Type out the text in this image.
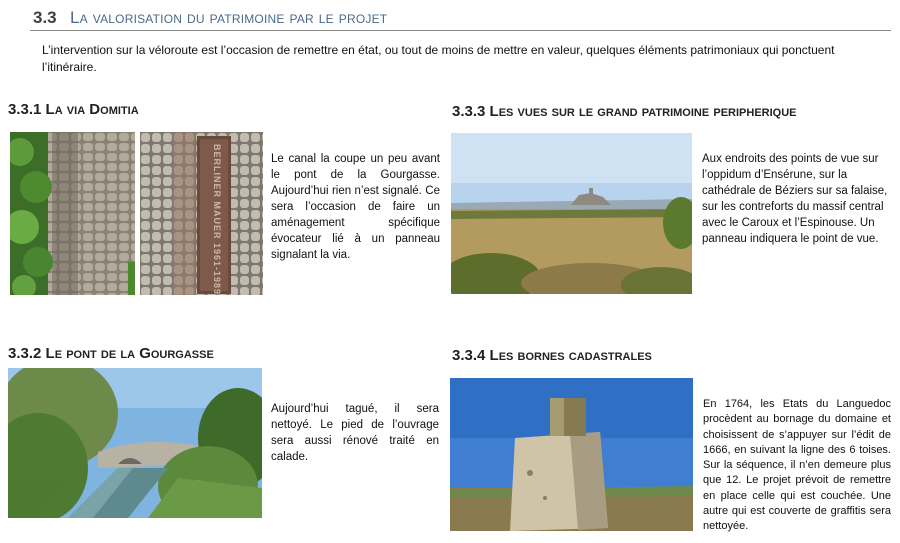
3.3 La valorisation du patrimoine par le projet
L’intervention sur la véloroute est l’occasion de remettre en état, ou tout de moins de mettre en valeur, quelques éléments patrimoniaux qui ponctuent l’itinéraire.
3.3.1 La via Domitia
BERLINER MAUER 1961-1989	Le canal la coupe un peu avant le pont de la Gourgasse. Aujourd’hui rien n’est signalé. Ce sera l’occasion de faire un aménagement spécifique évocateur lié à un panneau signalant la via.
3.3.2 Le pont de la Gourgasse
Aujourd’hui tagué, il sera nettoyé. Le pied de l’ouvrage sera aussi rénové traité en calade.
3.3.3 Les vues sur le grand patrimoine peripherique
Aux endroits des points de vue sur l’oppidum d’Ensérune, sur la cathédrale de Béziers sur sa falaise, sur les contreforts du massif central avec le Caroux et l’Espinouse. Un panneau indiquera le point de vue.
3.3.4 Les bornes cadastrales
En 1764, les Etats du Languedoc procèdent au bornage du domaine et choisissent de s’appuyer sur l’édit de 1666, en suivant la ligne des 6 toises. Sur la séquence, il n’en demeure plus que 12. Le projet prévoit de remettre en place celle qui est couchée. Une autre qui est couverte de graffitis sera nettoyée.
